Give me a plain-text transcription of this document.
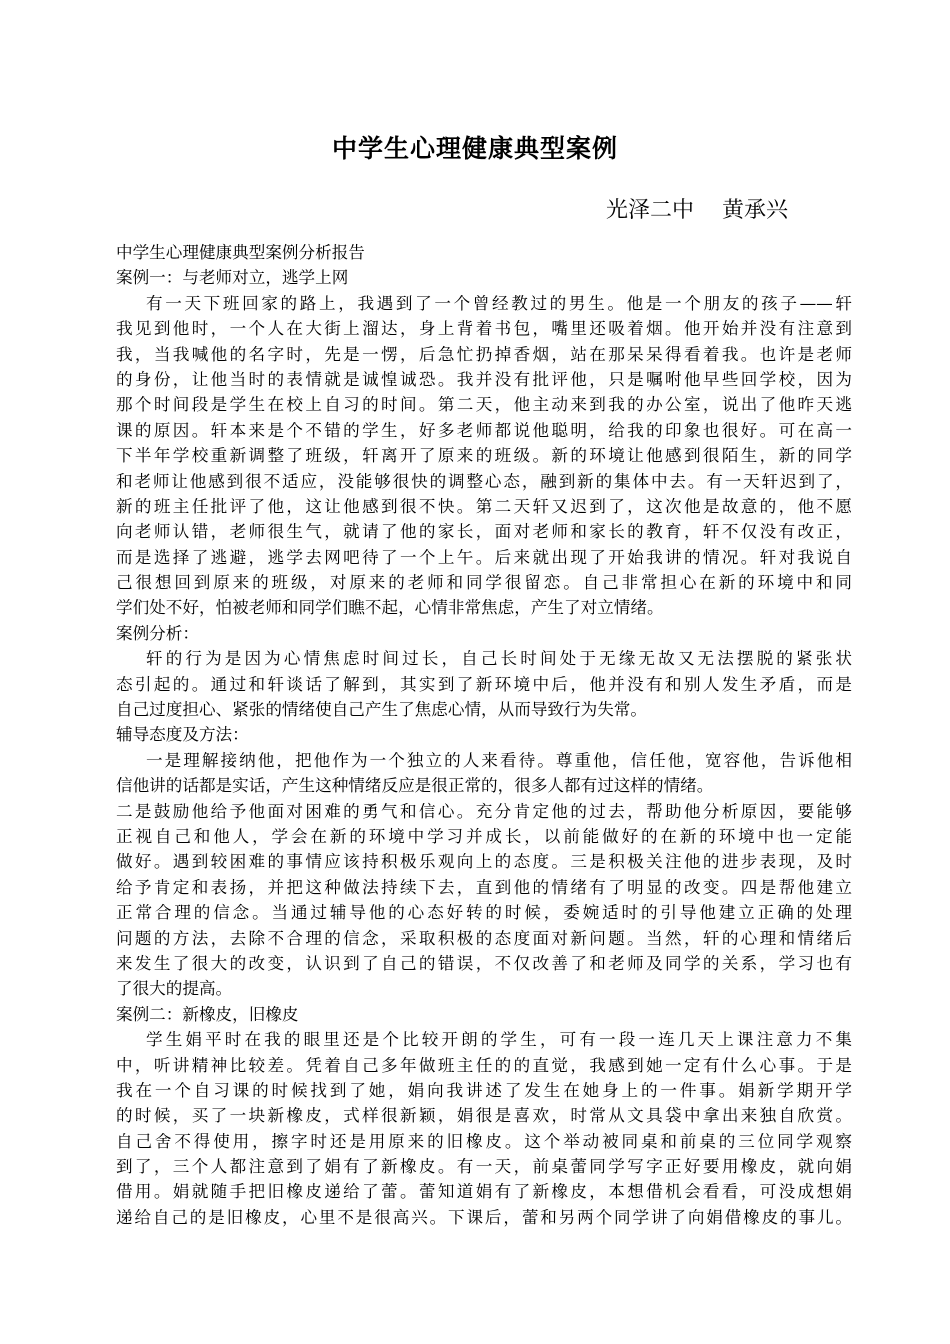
中学生心理健康典型案例
光泽二中    黄承兴
中学生心理健康典型案例分析报告
案例一：与老师对立，逃学上网
有一天下班回家的路上，我遇到了一个曾经教过的男生。他是一个朋友的孩子——轩
我见到他时，一个人在大街上溜达，身上背着书包，嘴里还吸着烟。他开始并没有注意到
我，当我喊他的名字时，先是一愣，后急忙扔掉香烟，站在那呆呆得看着我。也许是老师
的身份，让他当时的表情就是诚惶诚恐。我并没有批评他，只是嘱咐他早些回学校，因为
那个时间段是学生在校上自习的时间。第二天，他主动来到我的办公室，说出了他昨天逃
课的原因。轩本来是个不错的学生，好多老师都说他聪明，给我的印象也很好。可在高一
下半年学校重新调整了班级，轩离开了原来的班级。新的环境让他感到很陌生，新的同学
和老师让他感到很不适应，没能够很快的调整心态，融到新的集体中去。有一天轩迟到了，
新的班主任批评了他，这让他感到很不快。第二天轩又迟到了，这次他是故意的，他不愿
向老师认错，老师很生气，就请了他的家长，面对老师和家长的教育，轩不仅没有改正，
而是选择了逃避，逃学去网吧待了一个上午。后来就出现了开始我讲的情况。轩对我说自
己很想回到原来的班级，对原来的老师和同学很留恋。自己非常担心在新的环境中和同
学们处不好，怕被老师和同学们瞧不起，心情非常焦虑，产生了对立情绪。
案例分析：
轩的行为是因为心情焦虑时间过长，自己长时间处于无缘无故又无法摆脱的紧张状
态引起的。通过和轩谈话了解到，其实到了新环境中后，他并没有和别人发生矛盾，而是
自己过度担心、紧张的情绪使自己产生了焦虑心情，从而导致行为失常。
辅导态度及方法：
一是理解接纳他，把他作为一个独立的人来看待。尊重他，信任他，宽容他，告诉他相
信他讲的话都是实话，产生这种情绪反应是很正常的，很多人都有过这样的情绪。
二是鼓励他给予他面对困难的勇气和信心。充分肯定他的过去，帮助他分析原因，要能够
正视自己和他人，学会在新的环境中学习并成长，以前能做好的在新的环境中也一定能
做好。遇到较困难的事情应该持积极乐观向上的态度。三是积极关注他的进步表现，及时
给予肯定和表扬，并把这种做法持续下去，直到他的情绪有了明显的改变。四是帮他建立
正常合理的信念。当通过辅导他的心态好转的时候，委婉适时的引导他建立正确的处理
问题的方法，去除不合理的信念，采取积极的态度面对新问题。当然，轩的心理和情绪后
来发生了很大的改变，认识到了自己的错误，不仅改善了和老师及同学的关系，学习也有
了很大的提高。
案例二：新橡皮，旧橡皮
学生娟平时在我的眼里还是个比较开朗的学生，可有一段一连几天上课注意力不集
中，听讲精神比较差。凭着自己多年做班主任的的直觉，我感到她一定有什么心事。于是
我在一个自习课的时候找到了她，娟向我讲述了发生在她身上的一件事。娟新学期开学
的时候，买了一块新橡皮，式样很新颖，娟很是喜欢，时常从文具袋中拿出来独自欣赏。
自己舍不得使用，擦字时还是用原来的旧橡皮。这个举动被同桌和前桌的三位同学观察
到了，三个人都注意到了娟有了新橡皮。有一天，前桌蕾同学写字正好要用橡皮，就向娟
借用。娟就随手把旧橡皮递给了蕾。蕾知道娟有了新橡皮，本想借机会看看，可没成想娟
递给自己的是旧橡皮，心里不是很高兴。下课后，蕾和另两个同学讲了向娟借橡皮的事儿。
